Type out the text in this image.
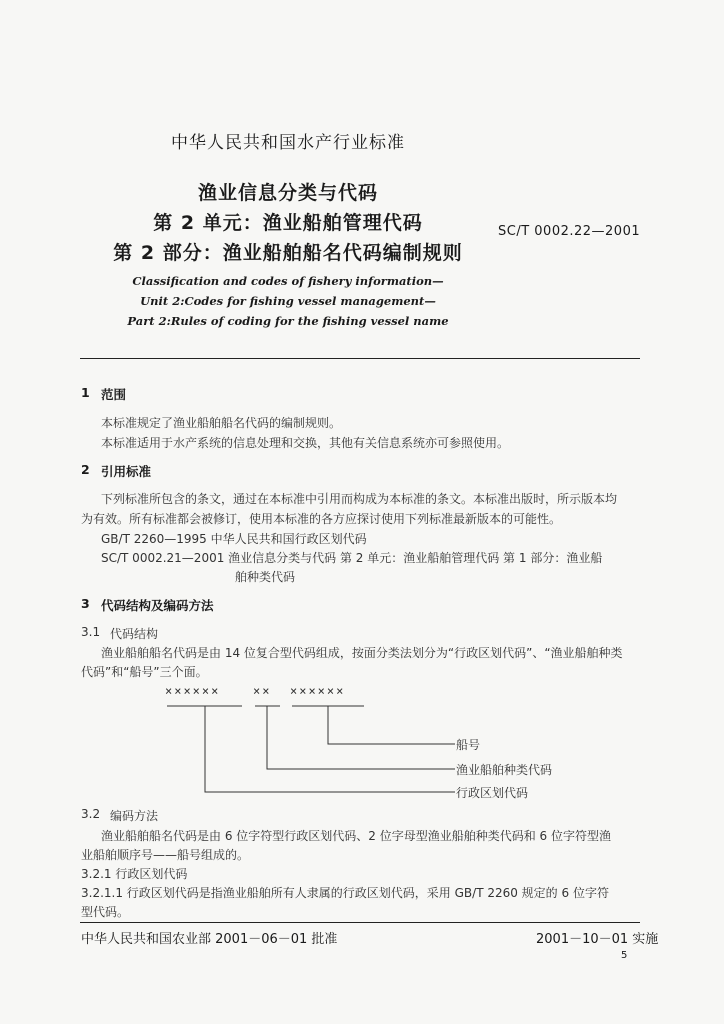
中华人民共和国水产行业标准
渔业信息分类与代码
第 2 单元：渔业船舶管理代码
第 2 部分：渔业船舶船名代码编制规则
SC/T 0002.22—2001
Classification and codes of fishery information—
Unit 2:Codes for fishing vessel management—
Part 2:Rules of coding for the fishing vessel name
1 范围
本标准规定了渔业船舶船名代码的编制规则。
本标准适用于水产系统的信息处理和交换，其他有关信息系统亦可参照使用。
2 引用标准
下列标准所包含的条文，通过在本标准中引用而构成为本标准的条文。本标准出版时，所示版本均
为有效。所有标准都会被修订，使用本标准的各方应探讨使用下列标准最新版本的可能性。
GB/T 2260—1995 中华人民共和国行政区划代码
SC/T 0002.21—2001 渔业信息分类与代码 第 2 单元：渔业船舶管理代码 第 1 部分：渔业船
舶种类代码
3 代码结构及编码方法
3.1 代码结构
渔业船舶船名代码是由 14 位复合型代码组成，按面分类法划分为“行政区划代码”、“渔业船舶种类
代码”和“船号”三个面。
××××××	×× ××××××
船号
渔业船舶种类代码
行政区划代码
3.2 编码方法
渔业船舶船名代码是由 6 位字符型行政区划代码、2 位字母型渔业船舶种类代码和 6 位字符型渔
业船舶顺序号——船号组成的。
3.2.1 行政区划代码
3.2.1.1 行政区划代码是指渔业船舶所有人隶属的行政区划代码，采用 GB/T 2260 规定的 6 位字符
型代码。
中华人民共和国农业部 2001－06－01 批准	2001－10－01 实施
5
